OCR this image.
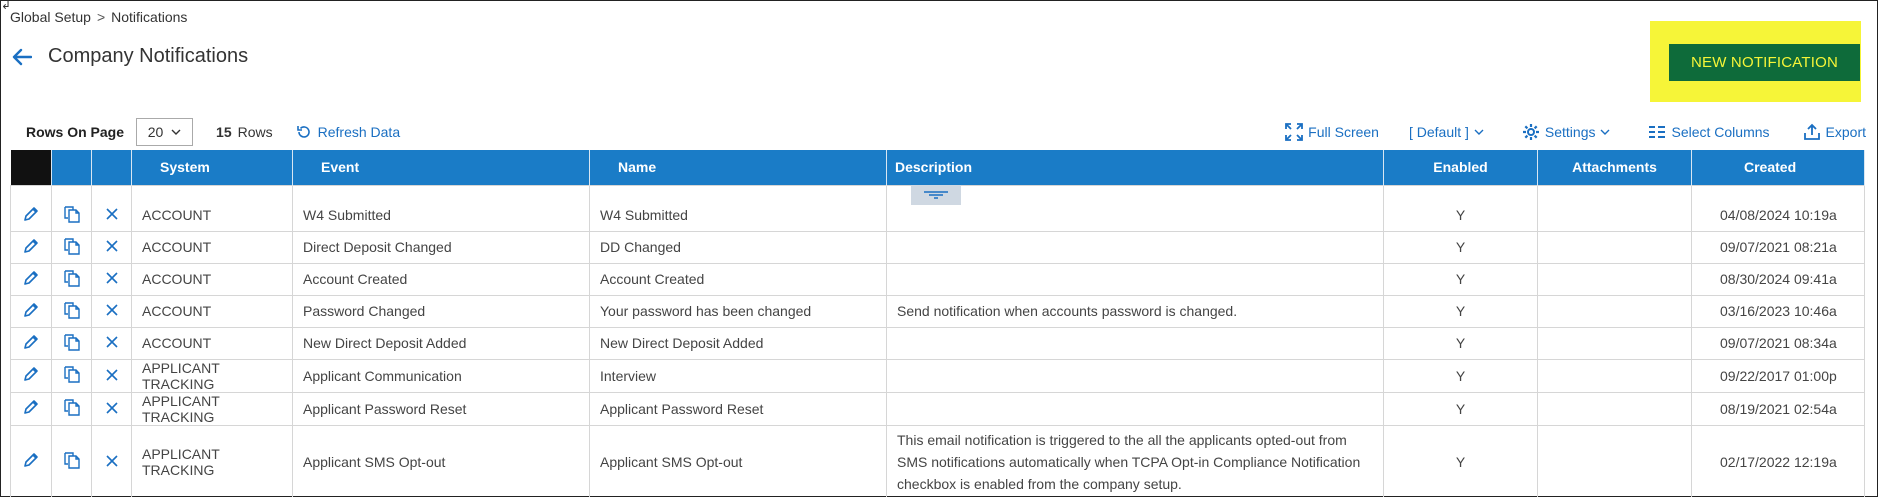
↲
Global Setup > Notifications
Company Notifications	NEW NOTIFICATION
Rows On Page 20	15 Rows	Refresh Data	Full Screen [ Default ]	Settings	Select Columns	Export
			System	Event	Name	Description	Enabled	Attachments	Created
			ACCOUNT	W4 Submitted	W4 Submitted		Y		04/08/2024 10:19a
			ACCOUNT	Direct Deposit Changed	DD Changed		Y		09/07/2021 08:21a
			ACCOUNT	Account Created	Account Created		Y		08/30/2024 09:41a
			ACCOUNT	Password Changed	Your password has been changed	Send notification when accounts password is changed.	Y		03/16/2023 10:46a
			ACCOUNT	New Direct Deposit Added	New Direct Deposit Added		Y		09/07/2021 08:34a
			APPLICANT TRACKING	Applicant Communication	Interview		Y		09/22/2017 01:00p
			APPLICANT TRACKING	Applicant Password Reset	Applicant Password Reset		Y		08/19/2021 02:54a
			APPLICANT TRACKING	Applicant SMS Opt-out	Applicant SMS Opt-out	This email notification is triggered to the all the applicants opted-out from SMS notifications automatically when TCPA Opt-in Compliance Notification checkbox is enabled from the company setup.	Y		02/17/2022 12:19a
